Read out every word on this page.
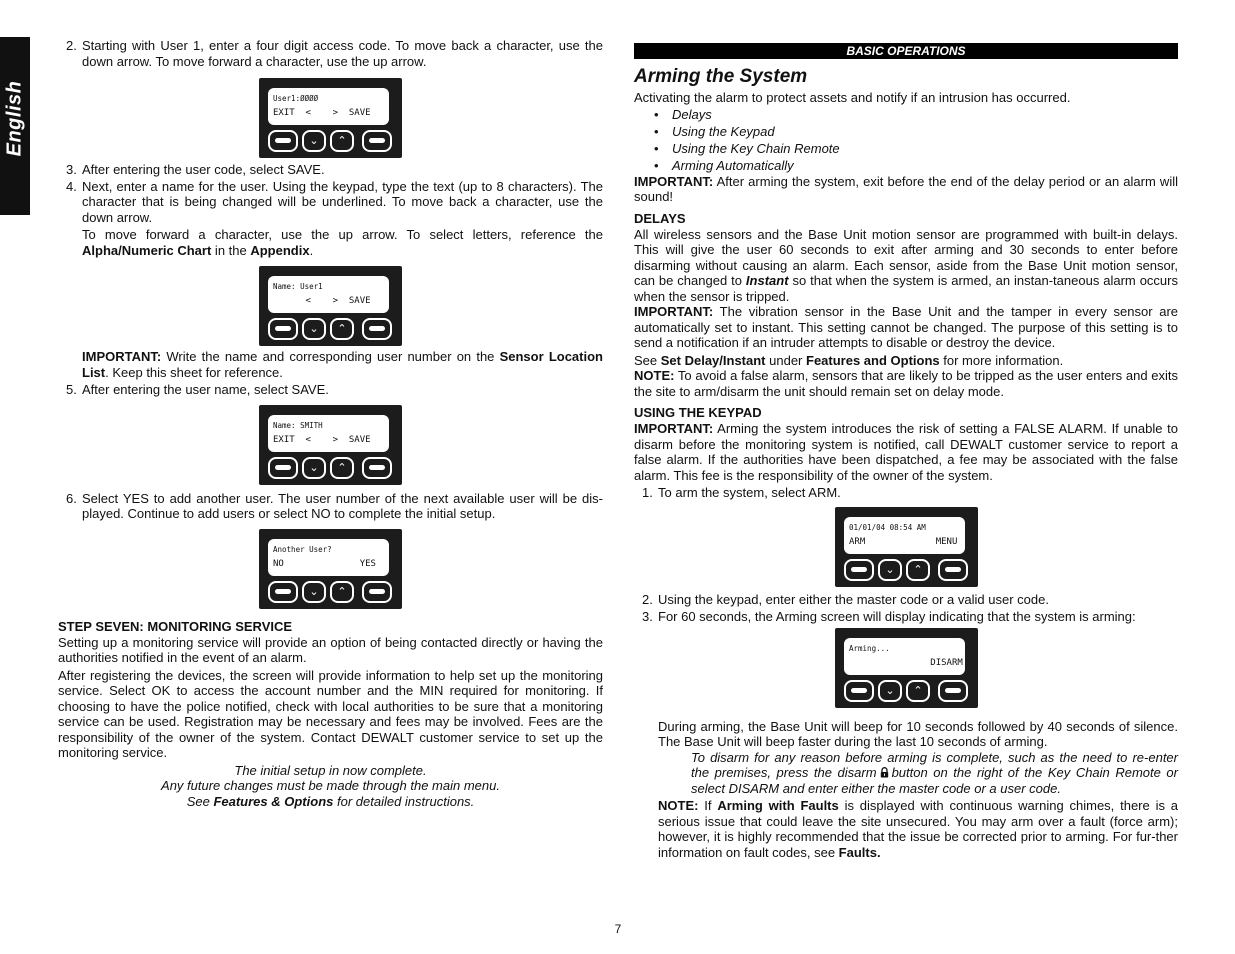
English

2. Starting with User 1, enter a four digit access code. To move back a character, use the down arrow. To move forward a character, use the up arrow.

User1:ØØØØ
EXIT  <    >  SAVE
⌄	⌃

3. After entering the user code, select SAVE.

4. Next, enter a name for the user. Using the keypad, type the text (up to 8 characters). The character that is being changed will be underlined. To move back a character, use the down arrow.

To move forward a character, use the up arrow. To select letters, reference the Alpha/Numeric Chart in the Appendix.

Name: User1
<    >  SAVE
⌄	⌃

IMPORTANT: Write the name and corresponding user number on the Sensor Location List. Keep this sheet for reference.

5. After entering the user name, select SAVE.

Name: SMITH
EXIT  <    >  SAVE
⌄	⌃

6. Select YES to add another user. The user number of the next available user will be dis-played. Continue to add users or select NO to complete the initial setup.

Another User?
NO              YES
⌄	⌃

STEP SEVEN: MONITORING SERVICE

Setting up a monitoring service will provide an option of being contacted directly or having the authorities notified in the event of an alarm.

After registering the devices, the screen will provide information to help set up the monitoring service. Select OK to access the account number and the MIN required for monitoring. If choosing to have the police notified, check with local authorities to be sure that a monitoring service can be used. Registration may be necessary and fees may be involved. Fees are the responsibility of the owner of the system. Contact DEWALT customer service to set up the monitoring service.

The initial setup in now complete.

Any future changes must be made through the main menu.

See Features & Options for detailed instructions.

BASIC OPERATIONS

Arming the System

Activating the alarm to protect assets and notify if an intrusion has occurred.

• Delays

• Using the Keypad

• Using the Key Chain Remote

• Arming Automatically

IMPORTANT: After arming the system, exit before the end of the delay period or an alarm will sound!

DELAYS

All wireless sensors and the Base Unit motion sensor are programmed with built-in delays. This will give the user 60 seconds to exit after arming and 30 seconds to enter before disarming without causing an alarm. Each sensor, aside from the Base Unit motion sensor, can be changed to Instant so that when the system is armed, an instan-taneous alarm occurs when the sensor is tripped.

IMPORTANT: The vibration sensor in the Base Unit and the tamper in every sensor are automatically set to instant. This setting cannot be changed. The purpose of this setting is to send a notification if an intruder attempts to disable or destroy the device.

See Set Delay/Instant under Features and Options for more information.

NOTE: To avoid a false alarm, sensors that are likely to be tripped as the user enters and exits the site to arm/disarm the unit should remain set on delay mode.

USING THE KEYPAD

IMPORTANT: Arming the system introduces the risk of setting a FALSE ALARM. If unable to disarm before the monitoring system is notified, call DEWALT customer service to report a false alarm. If the authorities have been dispatched, a fee may be associated with the false alarm. This fee is the responsibility of the owner of the system.

1. To arm the system, select ARM.

01/01/04 08:54 AM
ARM             MENU
⌄	⌃

2. Using the keypad, enter either the master code or a valid user code.

3. For 60 seconds, the Arming screen will display indicating that the system is arming:

Arming...
DISARM
⌄	⌃

During arming, the Base Unit will beep for 10 seconds followed by 40 seconds of silence. The Base Unit will beep faster during the last 10 seconds of arming.

To disarm for any reason before arming is complete, such as the need to re-enter the premises, press the disarm button on the right of the Key Chain Remote or select DISARM and enter either the master code or a user code.

NOTE: If Arming with Faults is displayed with continuous warning chimes, there is a serious issue that could leave the site unsecured. You may arm over a fault (force arm); however, it is highly recommended that the issue be corrected prior to arming. For fur-ther information on fault codes, see Faults.

7
